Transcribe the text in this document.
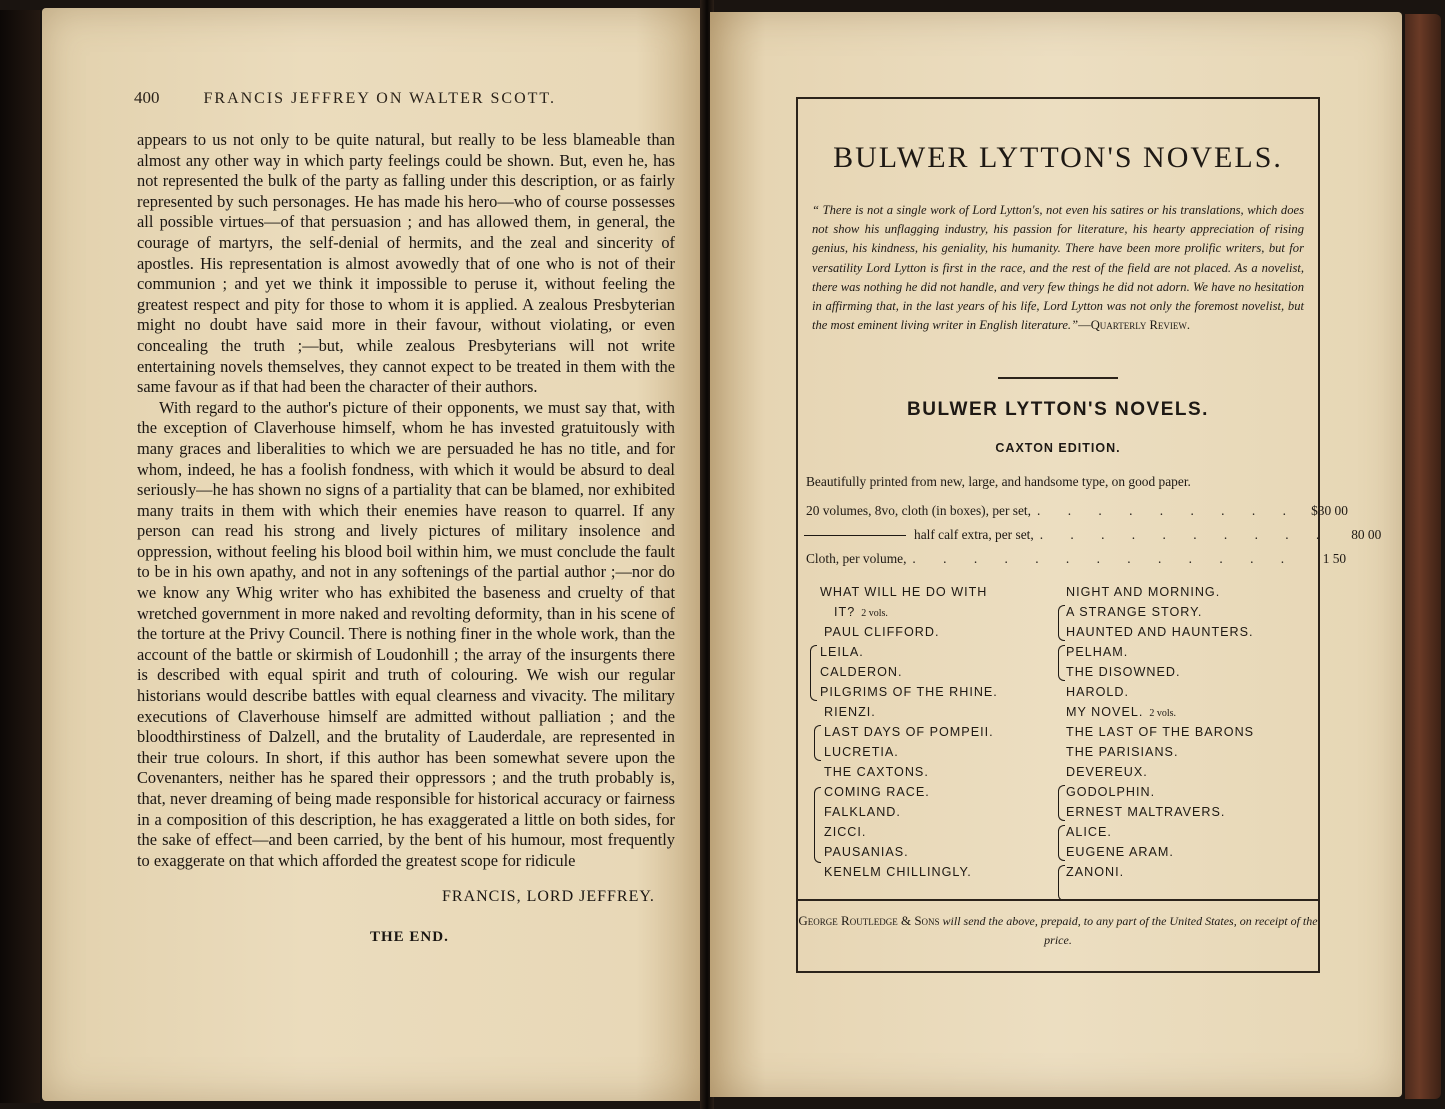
400	FRANCIS JEFFREY ON WALTER SCOTT.

appears to us not only to be quite natural, but really to be less blameable than almost any other way in which party feelings could be shown. But, even he, has not represented the bulk of the party as falling under this description, or as fairly represented by such personages. He has made his hero—who of course possesses all possible virtues—of that persuasion ; and has allowed them, in general, the courage of martyrs, the self-denial of hermits, and the zeal and sincerity of apostles. His representation is almost avowedly that of one who is not of their communion ; and yet we think it impossible to peruse it, without feeling the greatest respect and pity for those to whom it is applied. A zealous Presbyterian might no doubt have said more in their favour, without violating, or even concealing the truth ;—but, while zealous Presbyterians will not write entertaining novels themselves, they cannot expect to be treated in them with the same favour as if that had been the character of their authors.

With regard to the author's picture of their opponents, we must say that, with the exception of Claverhouse himself, whom he has invested gratuitously with many graces and liberalities to which we are persuaded he has no title, and for whom, indeed, he has a foolish fondness, with which it would be absurd to deal seriously—he has shown no signs of a partiality that can be blamed, nor exhibited many traits in them with which their enemies have reason to quarrel. If any person can read his strong and lively pictures of military insolence and oppression, without feeling his blood boil within him, we must conclude the fault to be in his own apathy, and not in any softenings of the partial author ;—nor do we know any Whig writer who has exhibited the baseness and cruelty of that wretched government in more naked and revolting deformity, than in his scene of the torture at the Privy Council. There is nothing finer in the whole work, than the account of the battle or skirmish of Loudonhill ; the array of the insurgents there is described with equal spirit and truth of colouring. We wish our regular historians would describe battles with equal clearness and vivacity. The military executions of Claverhouse himself are admitted without palliation ; and the bloodthirstiness of Dalzell, and the brutality of Lauderdale, are represented in their true colours. In short, if this author has been somewhat severe upon the Covenanters, neither has he spared their oppressors ; and the truth probably is, that, never dreaming of being made responsible for historical accuracy or fairness in a composition of this description, he has exaggerated a little on both sides, for the sake of effect—and been carried, by the bent of his humour, most frequently to exaggerate on that which afforded the greatest scope for ridicule

FRANCIS, LORD JEFFREY.
THE END.
BULWER LYTTON'S NOVELS.
“ There is not a single work of Lord Lytton's, not even his satires or his translations, which does not show his unflagging industry, his passion for literature, his hearty appreciation of rising genius, his kindness, his geniality, his humanity. There have been more prolific writers, but for versatility Lord Lytton is first in the race, and the rest of the field are not placed. As a novelist, there was nothing he did not handle, and very few things he did not adorn. We have no hesitation in affirming that, in the last years of his life, Lord Lytton was not only the foremost novelist, but the most eminent living writer in English literature.”—Quarterly Review.
BULWER LYTTON'S NOVELS.
CAXTON EDITION.
Beautifully printed from new, large, and handsome type, on good paper.
20 volumes, 8vo, cloth (in boxes), per set, . . . . . . . . . $30 00
half calf extra, per set, . . . . . . . . . .	80 00
Cloth, per volume, . . . . . . . . . . . . .	1 50
WHAT WILL HE DO WITH
IT? 2 vols.
PAUL CLIFFORD.
LEILA.
CALDERON.
PILGRIMS OF THE RHINE.
RIENZI.
LAST DAYS OF POMPEII.
LUCRETIA.
THE CAXTONS.
COMING RACE.
FALKLAND.
ZICCI.
PAUSANIAS.
KENELM CHILLINGLY.
NIGHT AND MORNING.
A STRANGE STORY.
HAUNTED AND HAUNTERS.
PELHAM.
THE DISOWNED.
HAROLD.
MY NOVEL. 2 vols.
THE LAST OF THE BARONS
THE PARISIANS.
DEVEREUX.
GODOLPHIN.
ERNEST MALTRAVERS.
ALICE.
EUGENE ARAM.
ZANONI.
George Routledge & Sons will send the above, prepaid, to any part of the United States, on receipt of the price.
